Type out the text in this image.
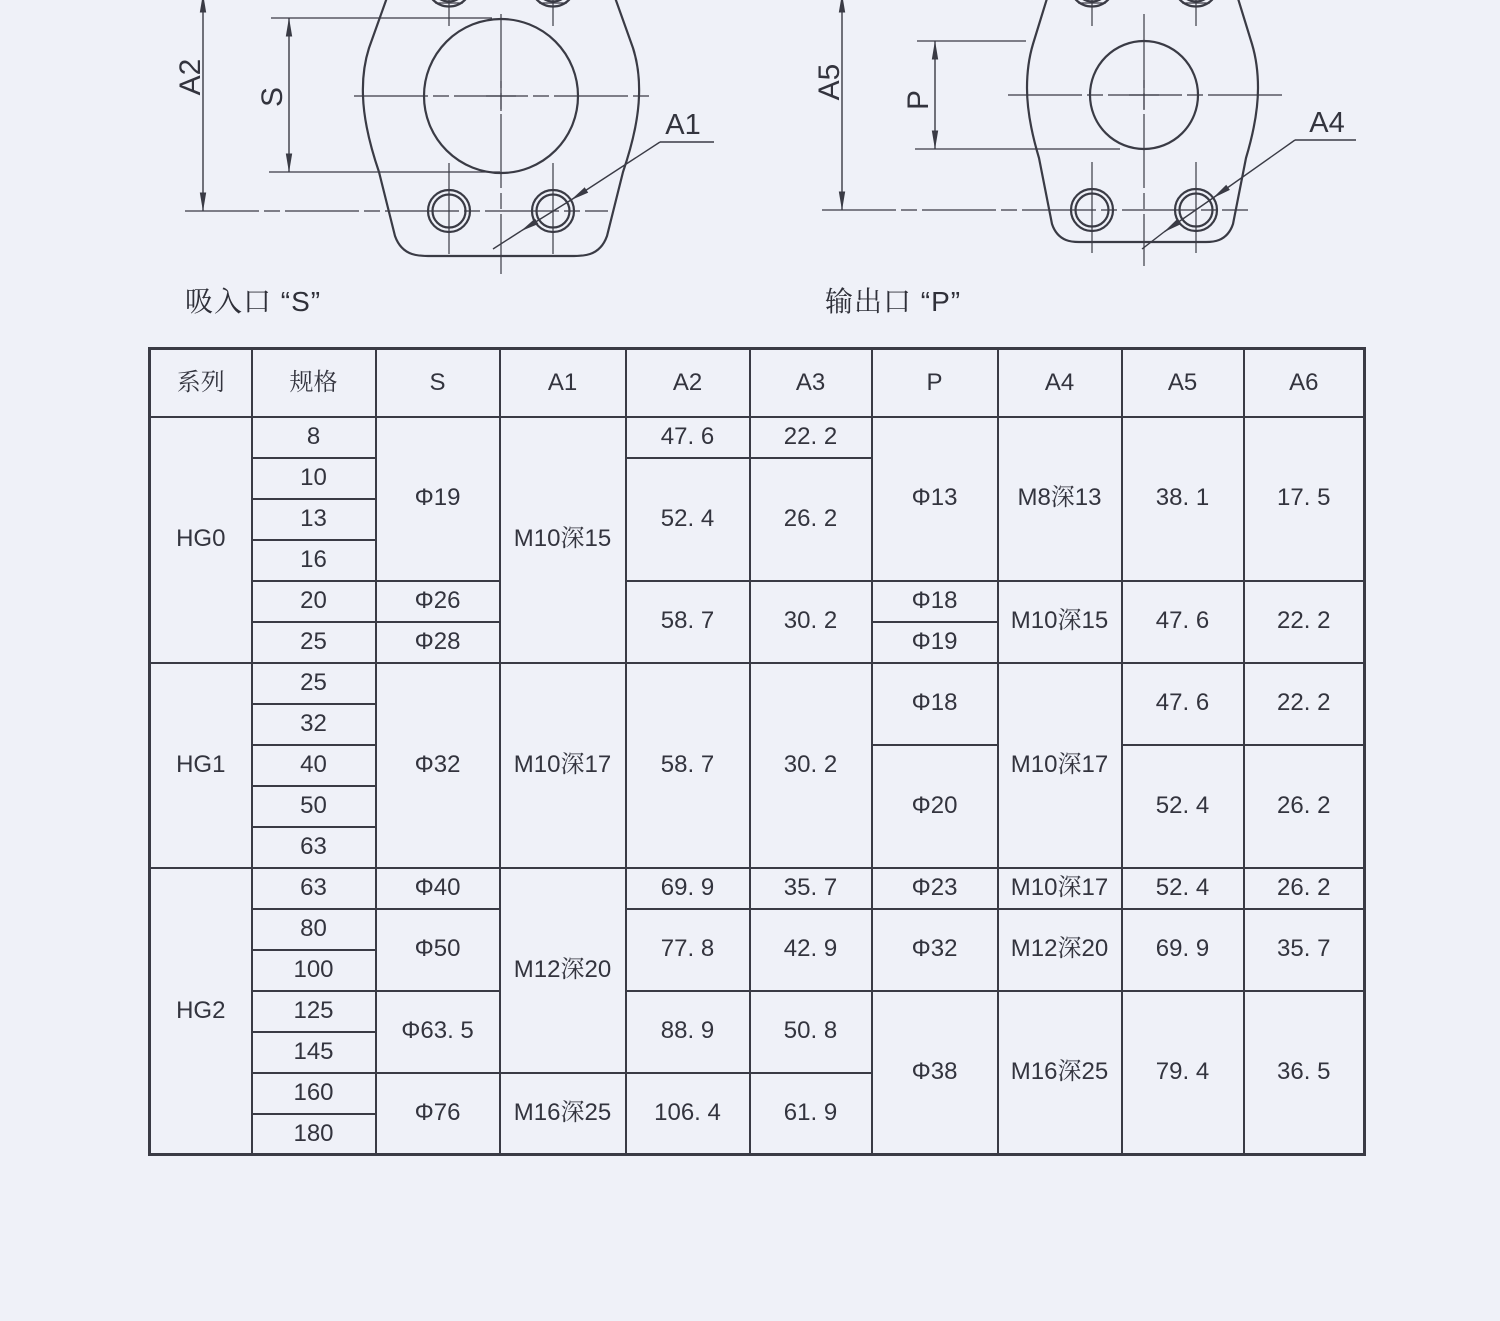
A2
S
A1
A5 P
A4
吸入口 “S”	输出口 “P”
系列	规格	S	A1	A2	A3	P	A4	A5	A6
HG0	8	Φ19	M10深15	47. 6	22. 2	Φ13	M8深13	38. 1	17. 5
	10			52. 4	26. 2				
	13								
	16								
	20	Φ26		58. 7	30. 2	Φ18	M10深15	47. 6	22. 2
	25	Φ28				Φ19			
HG1	25	Φ32	M10深17	58. 7	30. 2	Φ18	M10深17	47. 6	22. 2
	32								
	40					Φ20		52. 4	26. 2
	50								
	63								
HG2	63	Φ40	M12深20	69. 9	35. 7	Φ23	M10深17	52. 4	26. 2
	80	Φ50		77. 8	42. 9	Φ32	M12深20	69. 9	35. 7
	100								
	125	Φ63. 5		88. 9	50. 8	Φ38	M16深25	79. 4	36. 5
	145								
	160	Φ76	M16深25	106. 4	61. 9				
	180								
